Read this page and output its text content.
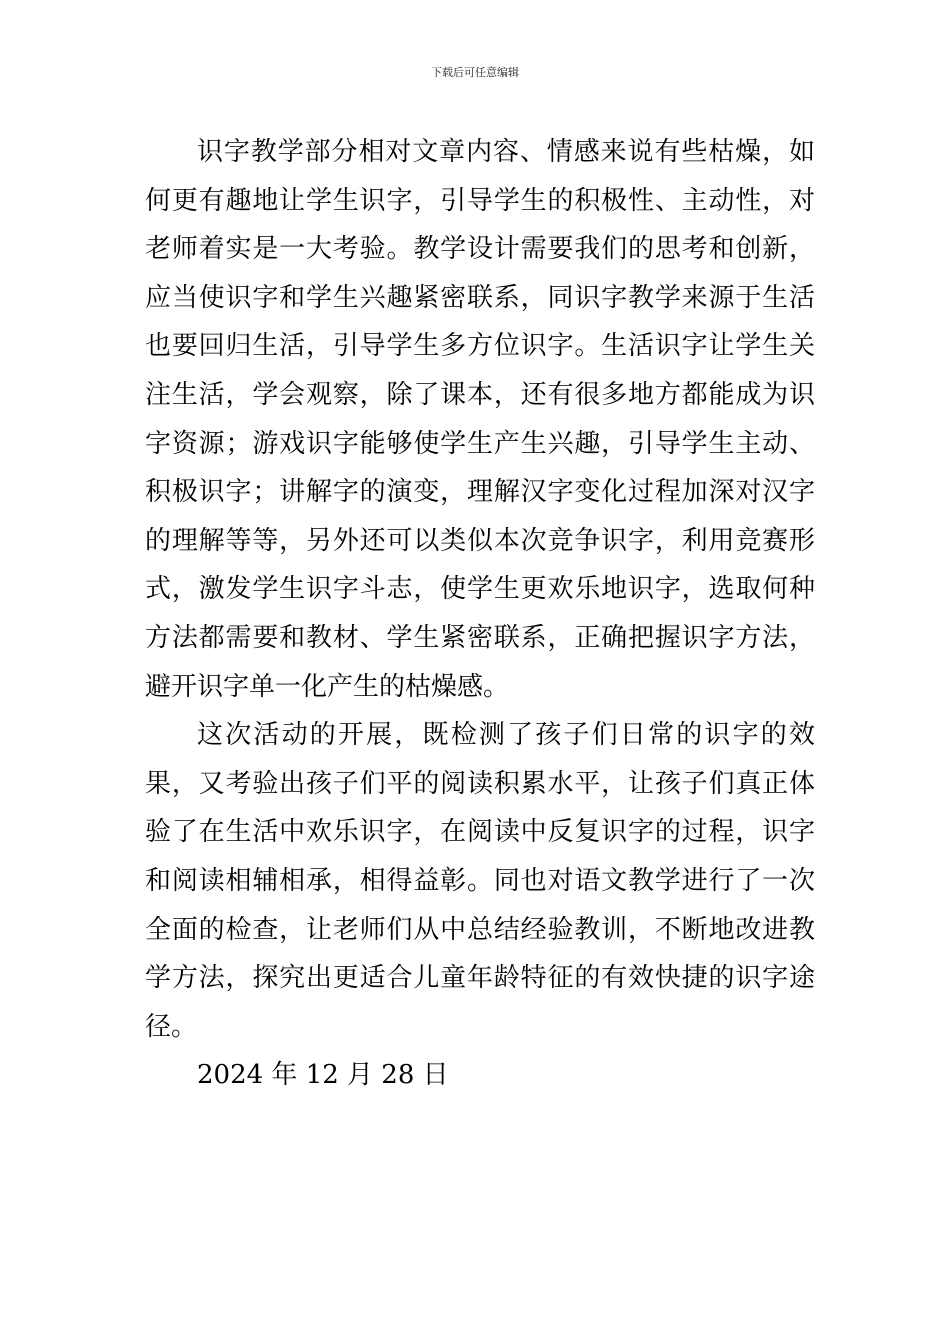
下载后可任意编辑

识字教学部分相对文章内容、情感来说有些枯燥，如何更有趣地让学生识字，引导学生的积极性、主动性，对老师着实是一大考验。教学设计需要我们的思考和创新，应当使识字和学生兴趣紧密联系，同识字教学来源于生活也要回归生活，引导学生多方位识字。生活识字让学生关注生活，学会观察，除了课本，还有很多地方都能成为识字资源；游戏识字能够使学生产生兴趣，引导学生主动、积极识字；讲解字的演变，理解汉字变化过程加深对汉字的理解等等，另外还可以类似本次竞争识字，利用竞赛形式，激发学生识字斗志，使学生更欢乐地识字，选取何种方法都需要和教材、学生紧密联系，正确把握识字方法，避开识字单一化产生的枯燥感。

这次活动的开展，既检测了孩子们日常的识字的效果，又考验出孩子们平的阅读积累水平，让孩子们真正体验了在生活中欢乐识字，在阅读中反复识字的过程，识字和阅读相辅相承，相得益彰。同也对语文教学进行了一次全面的检查，让老师们从中总结经验教训，不断地改进教学方法，探究出更适合儿童年龄特征的有效快捷的识字途径。

2024 年 12 月 28 日
